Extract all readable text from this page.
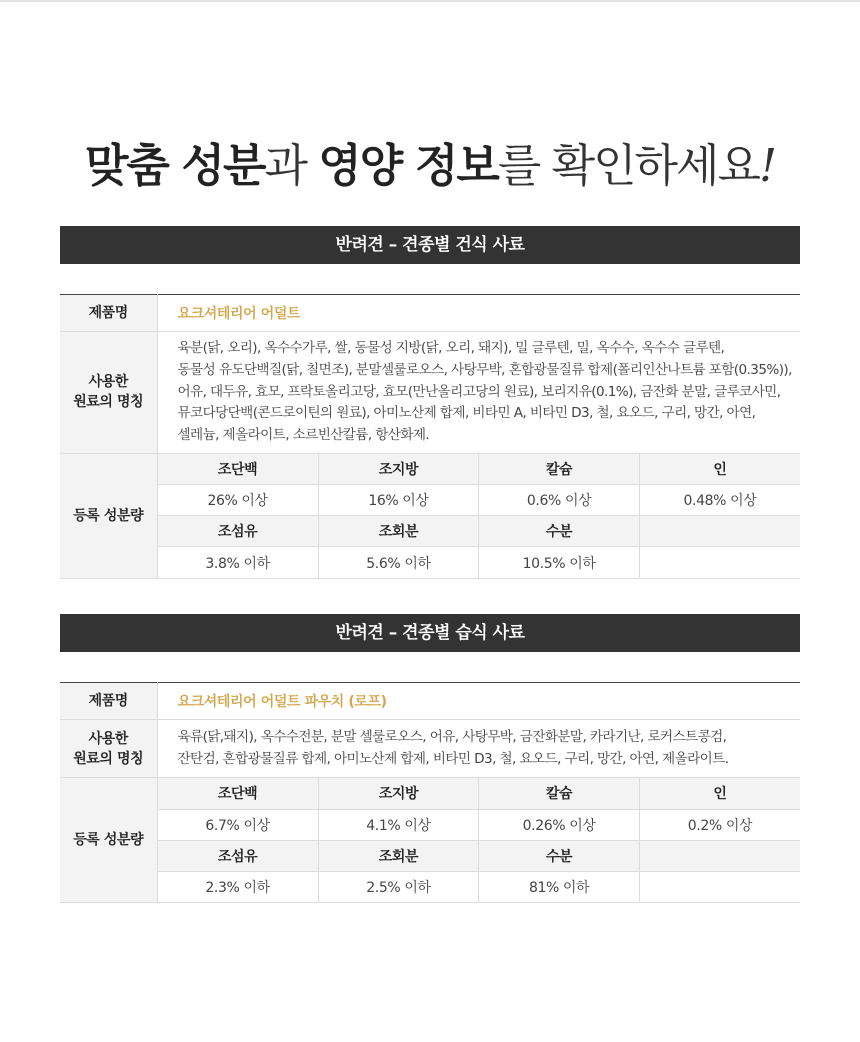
맞춤 성분과 영양 정보를 확인하세요!
반려견 – 견종별 건식 사료
제품명	요크셔테리어 어덜트

사용한
원료의 명칭

육분(닭, 오리), 옥수수가루, 쌀, 동물성 지방(닭, 오리, 돼지), 밀 글루텐, 밀, 옥수수, 옥수수 글루텐,
동물성 유도단백질(닭, 칠면조), 분말셀룰로오스, 사탕무박, 혼합광물질류 합제(폴리인산나트륨 포함(0.35%)),
어유, 대두유, 효모, 프락토올리고당, 효모(만난올리고당의 원료), 보리지유(0.1%), 금잔화 분말, 글루코사민,
뮤코다당단백(콘드로이틴의 원료), 아미노산제 합제, 비타민 A, 비타민 D3, 철, 요오드, 구리, 망간, 아연,
셀레늄, 제올라이트, 소르빈산칼륨, 항산화제.

등록 성분량	
조단백	조지방	칼슘	인
26% 이상	16% 이상	0.6% 이상	0.48% 이상
조섬유	조회분	수분	
3.8% 이하	5.6% 이하	10.5% 이하	
반려견 – 견종별 습식 사료
제품명	요크셔테리어 어덜트 파우치 (로프)

사용한
원료의 명칭

육류(닭,돼지), 옥수수전분, 분말 셀룰로오스, 어유, 사탕무박, 금잔화분말, 카라기난, 로커스트콩검,
잔탄검, 혼합광물질류 합제, 아미노산제 합제, 비타민 D3, 철, 요오드, 구리, 망간, 아연, 제올라이트.

등록 성분량	
조단백	조지방	칼슘	인
6.7% 이상	4.1% 이상	0.26% 이상	0.2% 이상
조섬유	조회분	수분	
2.3% 이하	2.5% 이하	81% 이하	
